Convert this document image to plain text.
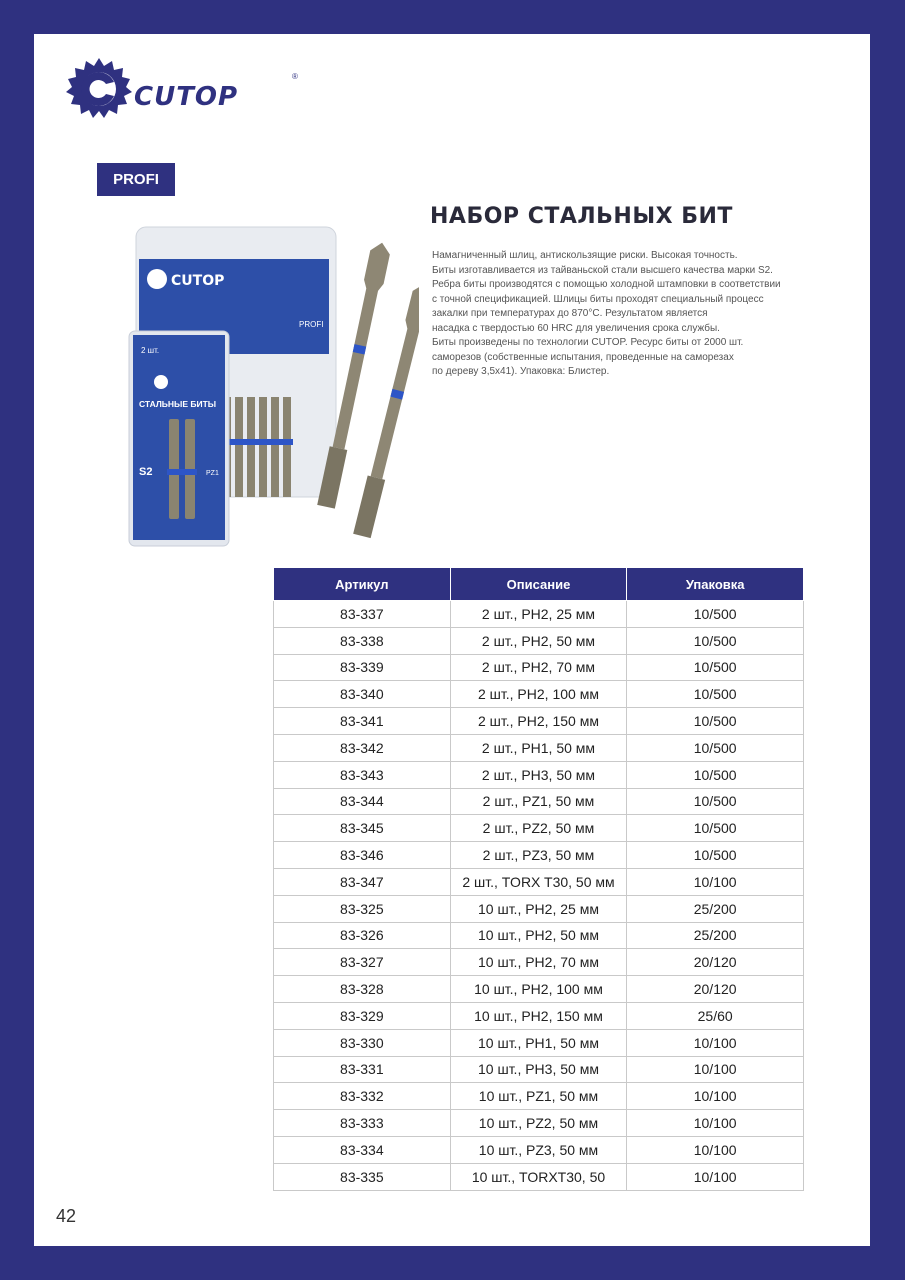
CUTOP
®
PROFI
CUTOP
PROFI
2 шт.
СТАЛЬНЫЕ БИТЫ
S2	PZ1
НАБОР СТАЛЬНЫХ БИТ
Намагниченный шлиц, антискользящие риски. Высокая точность.
Биты изготавливается из тайваньской стали высшего качества марки S2.
Ребра биты производятся с помощью холодной штамповки в соответствии
с точной спецификацией. Шлицы биты проходят специальный процесс
закалки при температурах до 870°C. Результатом является
насадка с твердостью 60 HRC для увеличения срока службы.
Биты произведены по технологии CUTOP. Ресурс биты от 2000 шт.
саморезов (собственные испытания, проведенные на саморезах
по дереву 3,5х41). Упаковка: Блистер.
Артикул	Описание	Упаковка
83-337	2 шт., PH2, 25 мм	10/500
83-338	2 шт., PH2, 50 мм	10/500
83-339	2 шт., PH2, 70 мм	10/500
83-340	2 шт., PH2, 100 мм	10/500
83-341	2 шт., PH2, 150 мм	10/500
83-342	2 шт., PH1, 50 мм	10/500
83-343	2 шт., PH3, 50 мм	10/500
83-344	2 шт., PZ1, 50 мм	10/500
83-345	2 шт., PZ2, 50 мм	10/500
83-346	2 шт., PZ3, 50 мм	10/500
83-347	2 шт., TORX T30, 50 мм	10/100
83-325	10 шт., PH2, 25 мм	25/200
83-326	10 шт., PH2, 50 мм	25/200
83-327	10 шт., PH2, 70 мм	20/120
83-328	10 шт., PH2, 100 мм	20/120
83-329	10 шт., PH2, 150 мм	25/60
83-330	10 шт., PH1, 50 мм	10/100
83-331	10 шт., PH3, 50 мм	10/100
83-332	10 шт., PZ1, 50 мм	10/100
83-333	10 шт., PZ2, 50 мм	10/100
83-334	10 шт., PZ3, 50 мм	10/100
83-335	10 шт., TORXT30, 50	10/100
42
